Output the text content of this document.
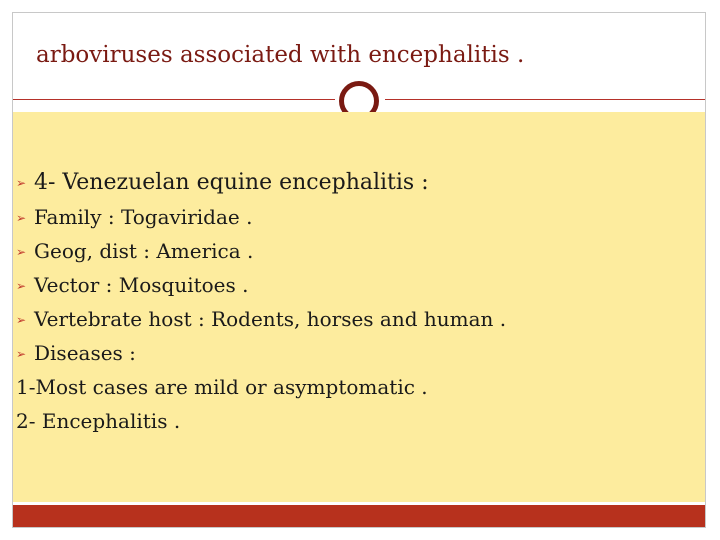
arboviruses associated with encephalitis .
➢ 4- Venezuelan equine encephalitis :
➢ Family : Togaviridae .
➢ Geog, dist : America .
➢ Vector : Mosquitoes .
➢ Vertebrate host : Rodents, horses and human .
➢ Diseases :
1-Most cases are mild or asymptomatic .
2- Encephalitis .
